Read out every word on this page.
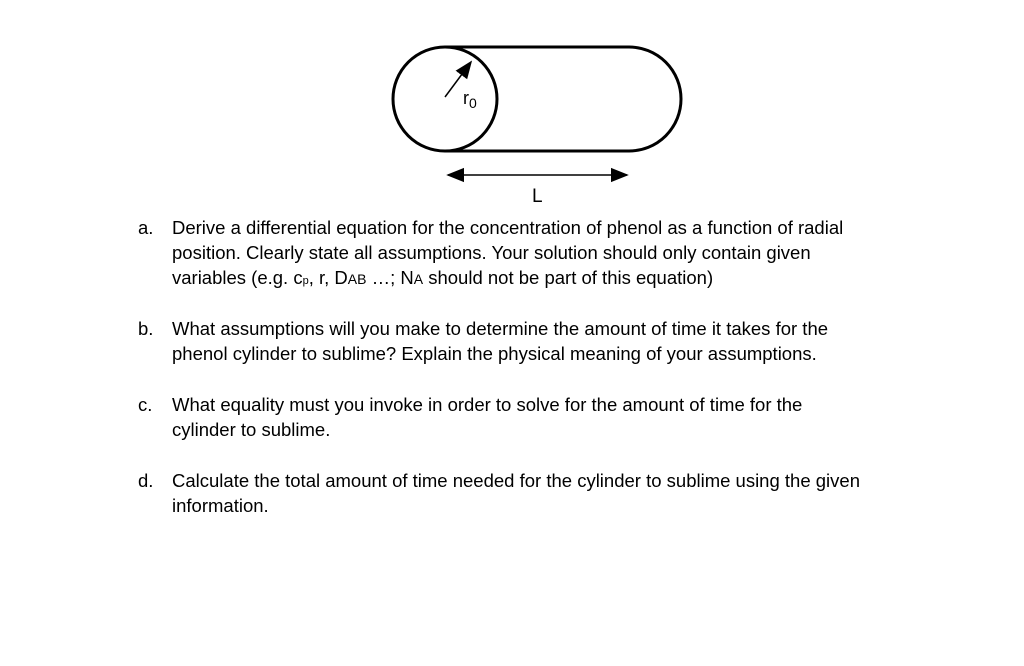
$r_0$
L
a.	Derive a differential equation for the concentration of phenol as a function of radial
position. Clearly state all assumptions. Your solution should only contain given
variables (e.g. cp, r, DAB …; NA should not be part of this equation)
b.	What assumptions will you make to determine the amount of time it takes for the
phenol cylinder to sublime? Explain the physical meaning of your assumptions.
c.	What equality must you invoke in order to solve for the amount of time for the
cylinder to sublime.
d.	Calculate the total amount of time needed for the cylinder to sublime using the given
information.
